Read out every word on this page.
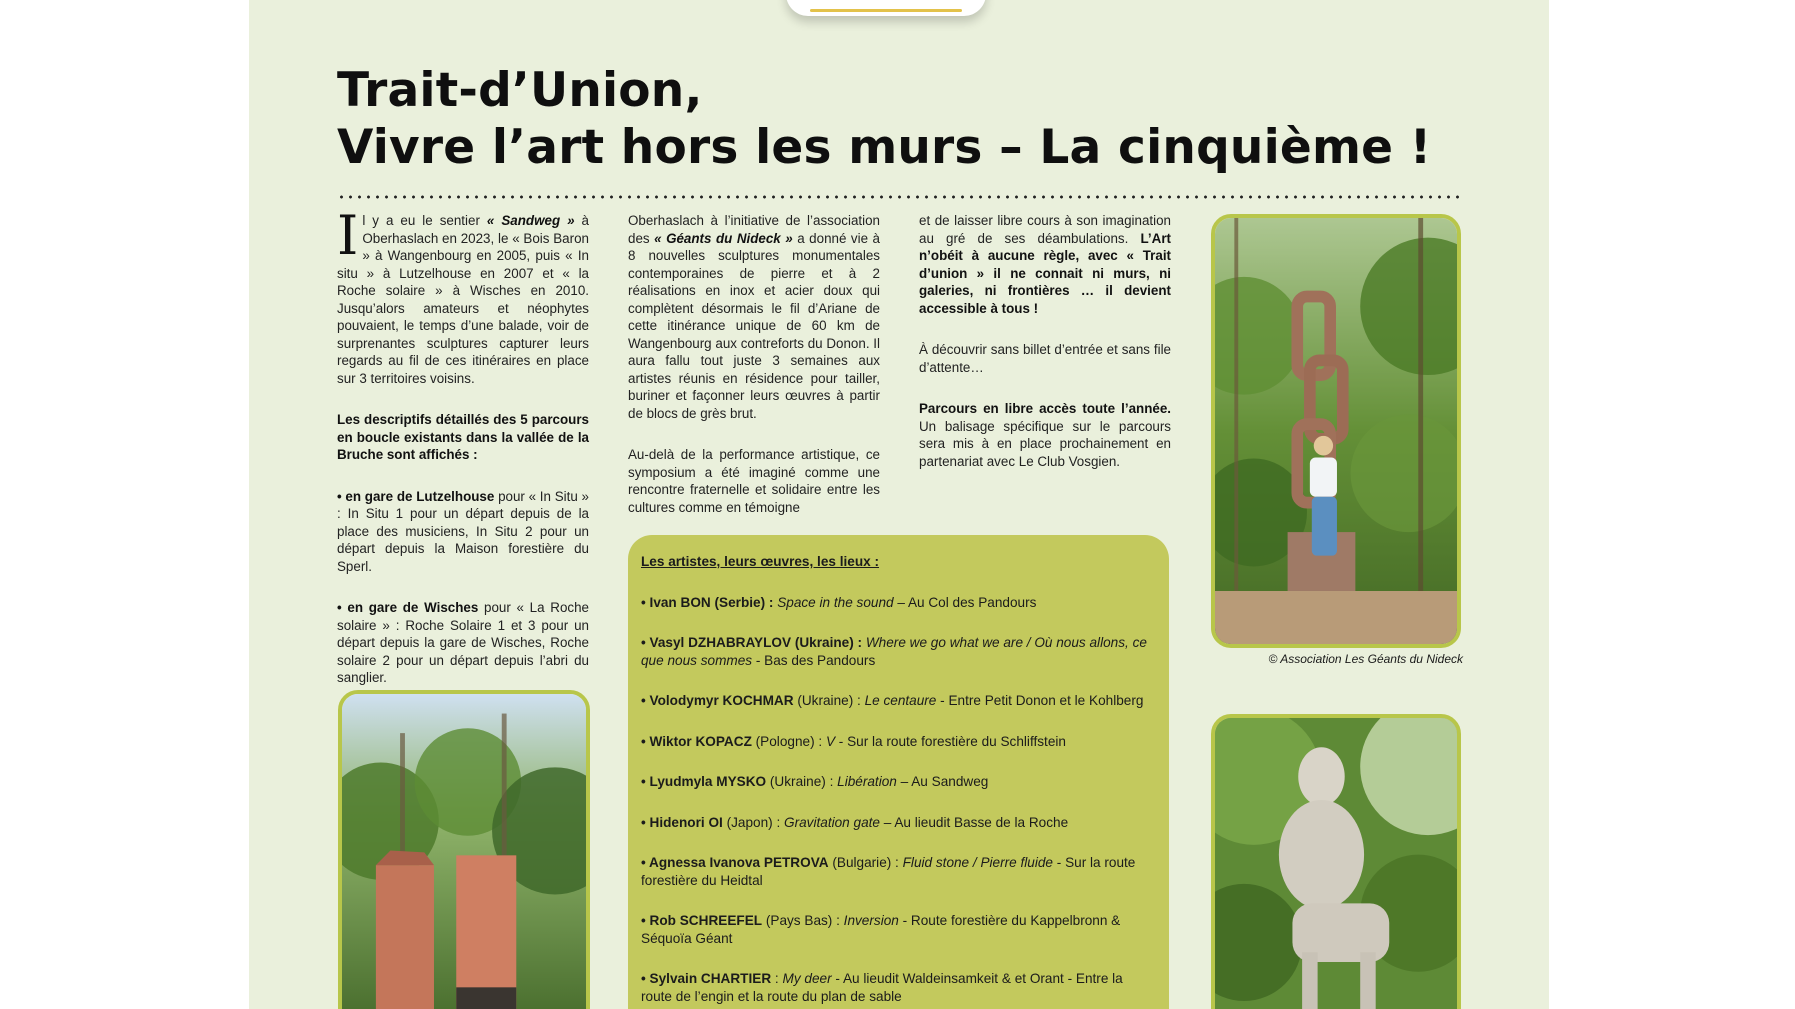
Trait-d’Union,
Vivre l’art hors les murs – La cinquième !

Il y a eu le sentier « Sandweg » à Oberhaslach en 2023, le « Bois Baron » à Wangenbourg en 2005, puis « In situ » à Lutzelhouse en 2007 et « la Roche solaire » à Wisches en 2010. Jusqu’alors amateurs et néophytes pouvaient, le temps d’une balade, voir de surprenantes sculptures capturer leurs regards au fil de ces itinéraires en place sur 3 territoires voisins.

Les descriptifs détaillés des 5 parcours en boucle existants dans la vallée de la Bruche sont affichés :

• en gare de Lutzelhouse pour « In Situ » : In Situ 1 pour un départ depuis de la place des musiciens, In Situ 2 pour un départ depuis la Maison forestière du Sperl.

• en gare de Wisches pour « La Roche solaire » : Roche Solaire 1 et 3 pour un départ depuis la gare de Wisches, Roche solaire 2 pour un départ depuis l’abri du sanglier.

Oberhaslach à l’initiative de l’association des « Géants du Nideck » a donné vie à 8 nouvelles sculptures monumentales contemporaines de pierre et à 2 réalisations en inox et acier doux qui complètent désormais le fil d’Ariane de cette itinérance unique de 60 km de Wangenbourg aux contreforts du Donon. Il aura fallu tout juste 3 semaines aux artistes réunis en résidence pour tailler, buriner et façonner leurs œuvres à partir de blocs de grès brut.

Au-delà de la performance artistique, ce symposium a été imaginé comme une rencontre fraternelle et solidaire entre les cultures comme en témoigne

et de laisser libre cours à son imagination au gré de ses déambulations. L’Art n’obéit à aucune règle, avec « Trait d’union » il ne connait ni murs, ni galeries, ni frontières … il devient accessible à tous !

À découvrir sans billet d’entrée et sans file d’attente…

Parcours en libre accès toute l’année. Un balisage spécifique sur le parcours sera mis à en place prochainement en partenariat avec Le Club Vosgien.

Les artistes, leurs œuvres, les lieux :
• Ivan BON (Serbie) : Space in the sound – Au Col des Pandours
• Vasyl DZHABRAYLOV (Ukraine) : Where we go what we are / Où nous allons, ce que nous sommes - Bas des Pandours
• Volodymyr KOCHMAR (Ukraine) : Le centaure - Entre Petit Donon et le Kohlberg
• Wiktor KOPACZ (Pologne) : V - Sur la route forestière du Schliffstein
• Lyudmyla MYSKO (Ukraine) : Libération – Au Sandweg
• Hidenori OI (Japon) : Gravitation gate – Au lieudit Basse de la Roche
• Agnessa Ivanova PETROVA (Bulgarie) : Fluid stone / Pierre fluide - Sur la route forestière du Heidtal
• Rob SCHREEFEL (Pays Bas) : Inversion - Route forestière du Kappelbronn & Séquoïa Géant
• Sylvain CHARTIER : My deer - Au lieudit Waldeinsamkeit & et Orant - Entre la route de l’engin et la route du plan de sable
© Association Les Géants du Nideck
